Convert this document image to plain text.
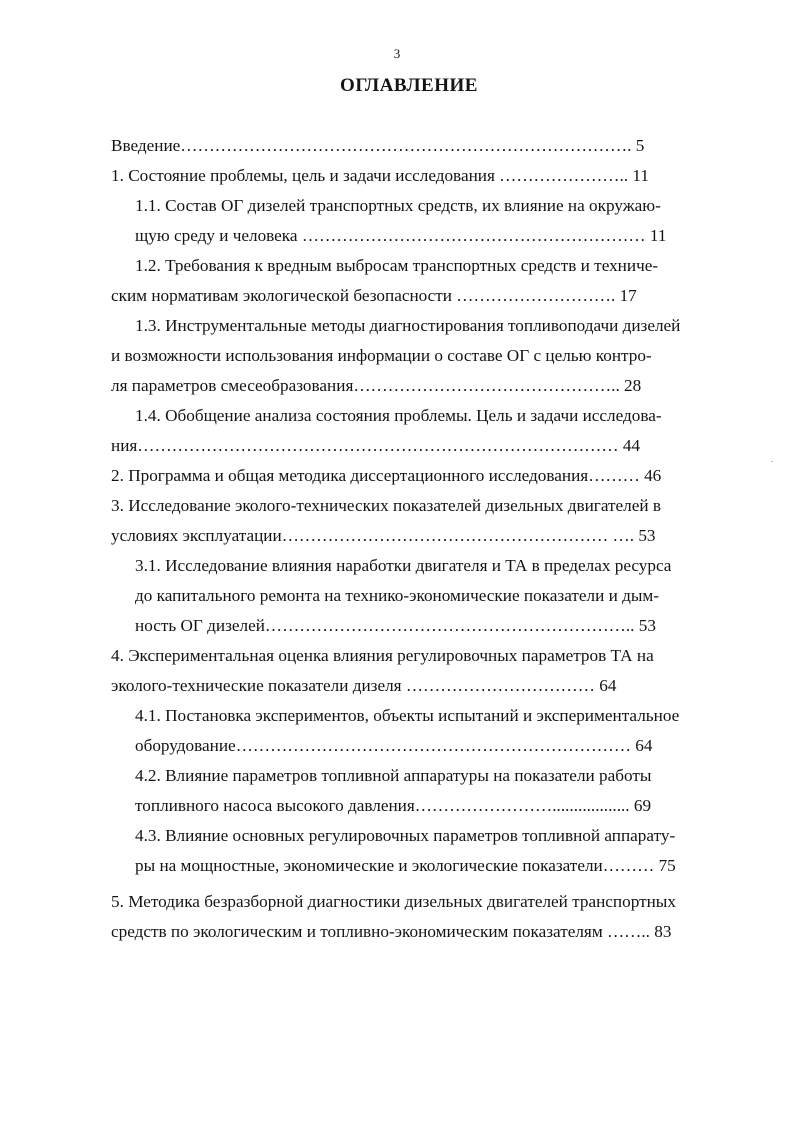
3
ОГЛАВЛЕНИЕ
Введение……………………………………………………………………. 5
1. Состояние проблемы, цель и задачи исследования ………………….. 11
1.1. Состав ОГ дизелей транспортных средств, их влияние на окружаю-
щую среду и человека …………………………………………………… 11
1.2. Требования к вредным выбросам транспортных средств и техниче-
ским нормативам экологической безопасности ………………………. 17
1.3. Инструментальные методы диагностирования топливоподачи дизелей
и возможности использования информации о составе ОГ с целью контро-
ля параметров смесеобразования……………………………………….. 28
1.4. Обобщение анализа состояния проблемы. Цель и задачи исследова-
ния………………………………………………………………………… 44
2. Программа и общая методика диссертационного исследования……… 46
3. Исследование эколого-технических показателей дизельных двигателей в
условиях эксплуатации………………………………………………… …. 53
3.1. Исследование влияния наработки двигателя и ТА в пределах ресурса
до капитального ремонта на технико-экономические показатели и дым-
ность ОГ дизелей……………………………………………………….. 53
4. Экспериментальная оценка влияния регулировочных параметров ТА на
эколого-технические показатели дизеля …………………………… 64
4.1. Постановка экспериментов, объекты испытаний и экспериментальное
оборудование…………………………………………………………… 64
4.2. Влияние параметров топливной аппаратуры на показатели работы
топливного насоса высокого давления…………………….................. 69
4.3. Влияние основных регулировочных параметров топливной аппарату-
ры на мощностные, экономические и экологические показатели……… 75
5. Методика безразборной диагностики дизельных двигателей транспортных
средств по экологическим и топливно-экономическим показателям …….. 83
